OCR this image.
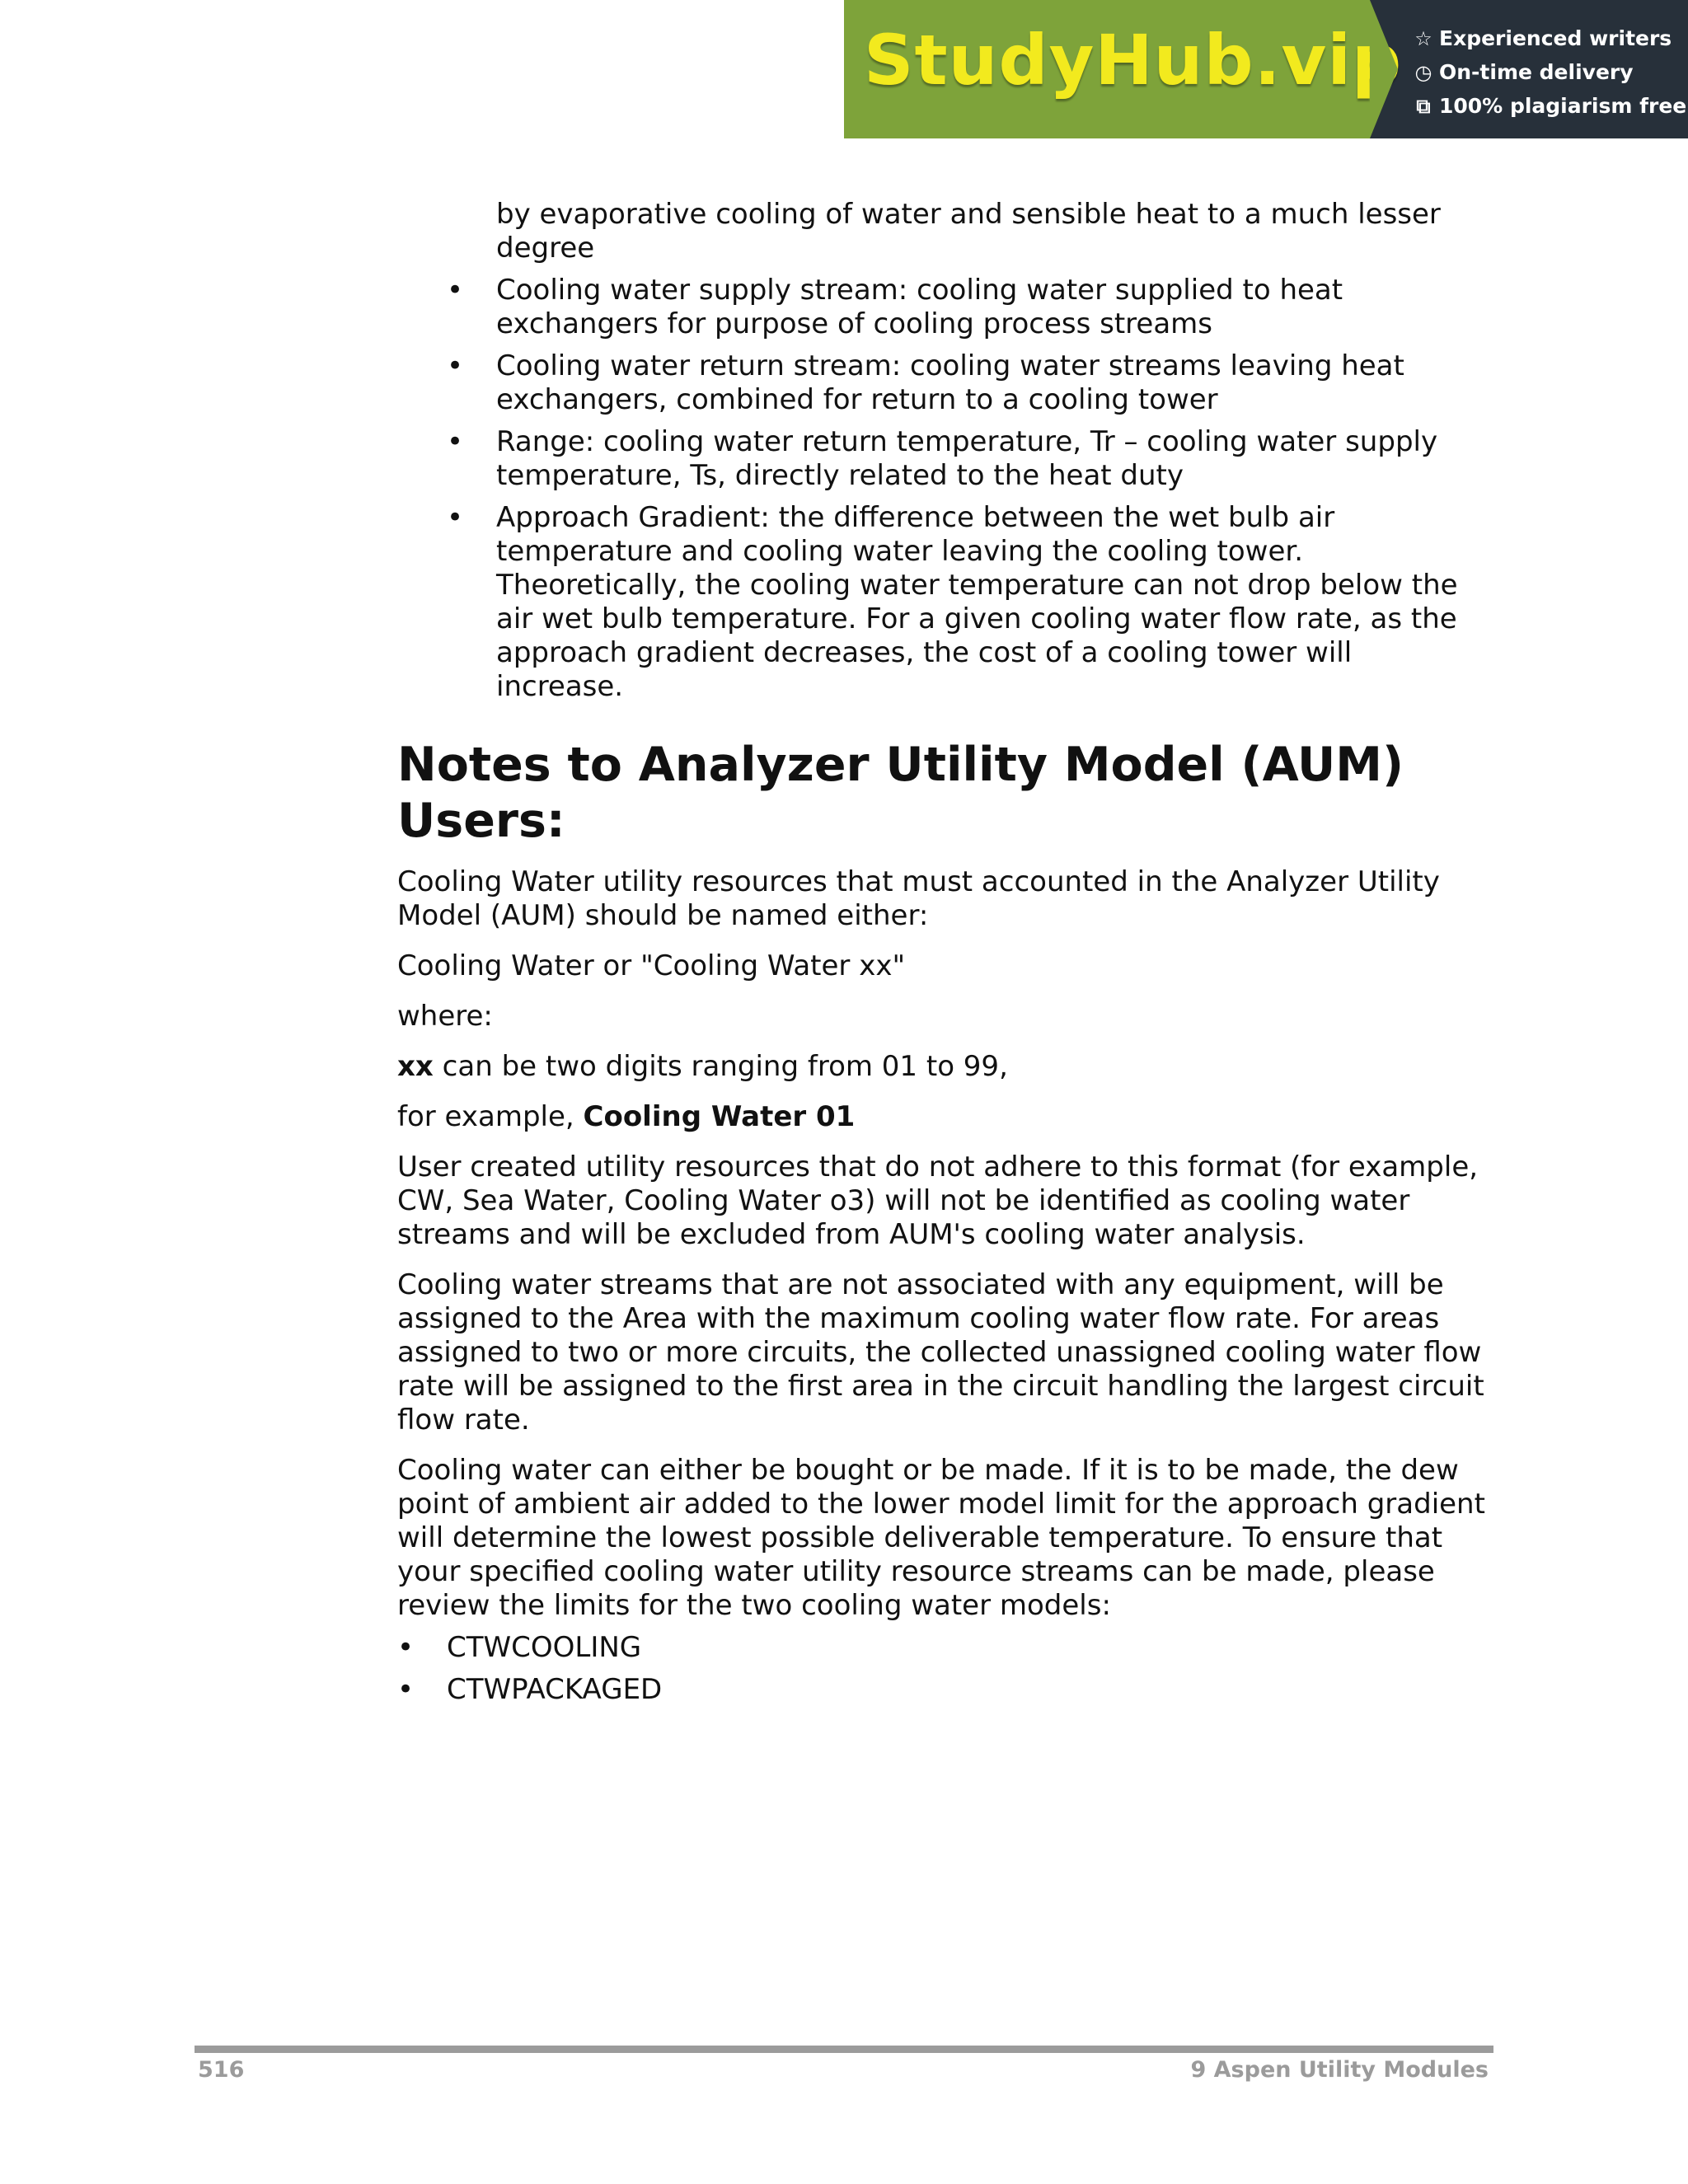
StudyHub.vip ☆ Experienced writers
◷ On-time delivery
⧉ 100% plagiarism free
by evaporative cooling of water and sensible heat to a much lesser degree
• Cooling water supply stream: cooling water supplied to heat exchangers for purpose of cooling process streams
• Cooling water return stream: cooling water streams leaving heat exchangers, combined for return to a cooling tower
• Range: cooling water return temperature, Tr – cooling water supply temperature, Ts, directly related to the heat duty
• Approach Gradient: the difference between the wet bulb air temperature and cooling water leaving the cooling tower. Theoretically, the cooling water temperature can not drop below the air wet bulb temperature. For a given cooling water flow rate, as the approach gradient decreases, the cost of a cooling tower will increase.
Notes to Analyzer Utility Model (AUM) Users:

Cooling Water utility resources that must accounted in the Analyzer Utility Model (AUM) should be named either:

Cooling Water or "Cooling Water xx"

where:

xx can be two digits ranging from 01 to 99,

for example, Cooling Water 01

User created utility resources that do not adhere to this format (for example, CW, Sea Water, Cooling Water o3) will not be identified as cooling water streams and will be excluded from AUM's cooling water analysis.

Cooling water streams that are not associated with any equipment, will be assigned to the Area with the maximum cooling water flow rate. For areas assigned to two or more circuits, the collected unassigned cooling water flow rate will be assigned to the first area in the circuit handling the largest circuit flow rate.

Cooling water can either be bought or be made. If it is to be made, the dew point of ambient air added to the lower model limit for the approach gradient will determine the lowest possible deliverable temperature. To ensure that your specified cooling water utility resource streams can be made, please review the limits for the two cooling water models:

• CTWCOOLING
• CTWPACKAGED
516	9 Aspen Utility Modules
